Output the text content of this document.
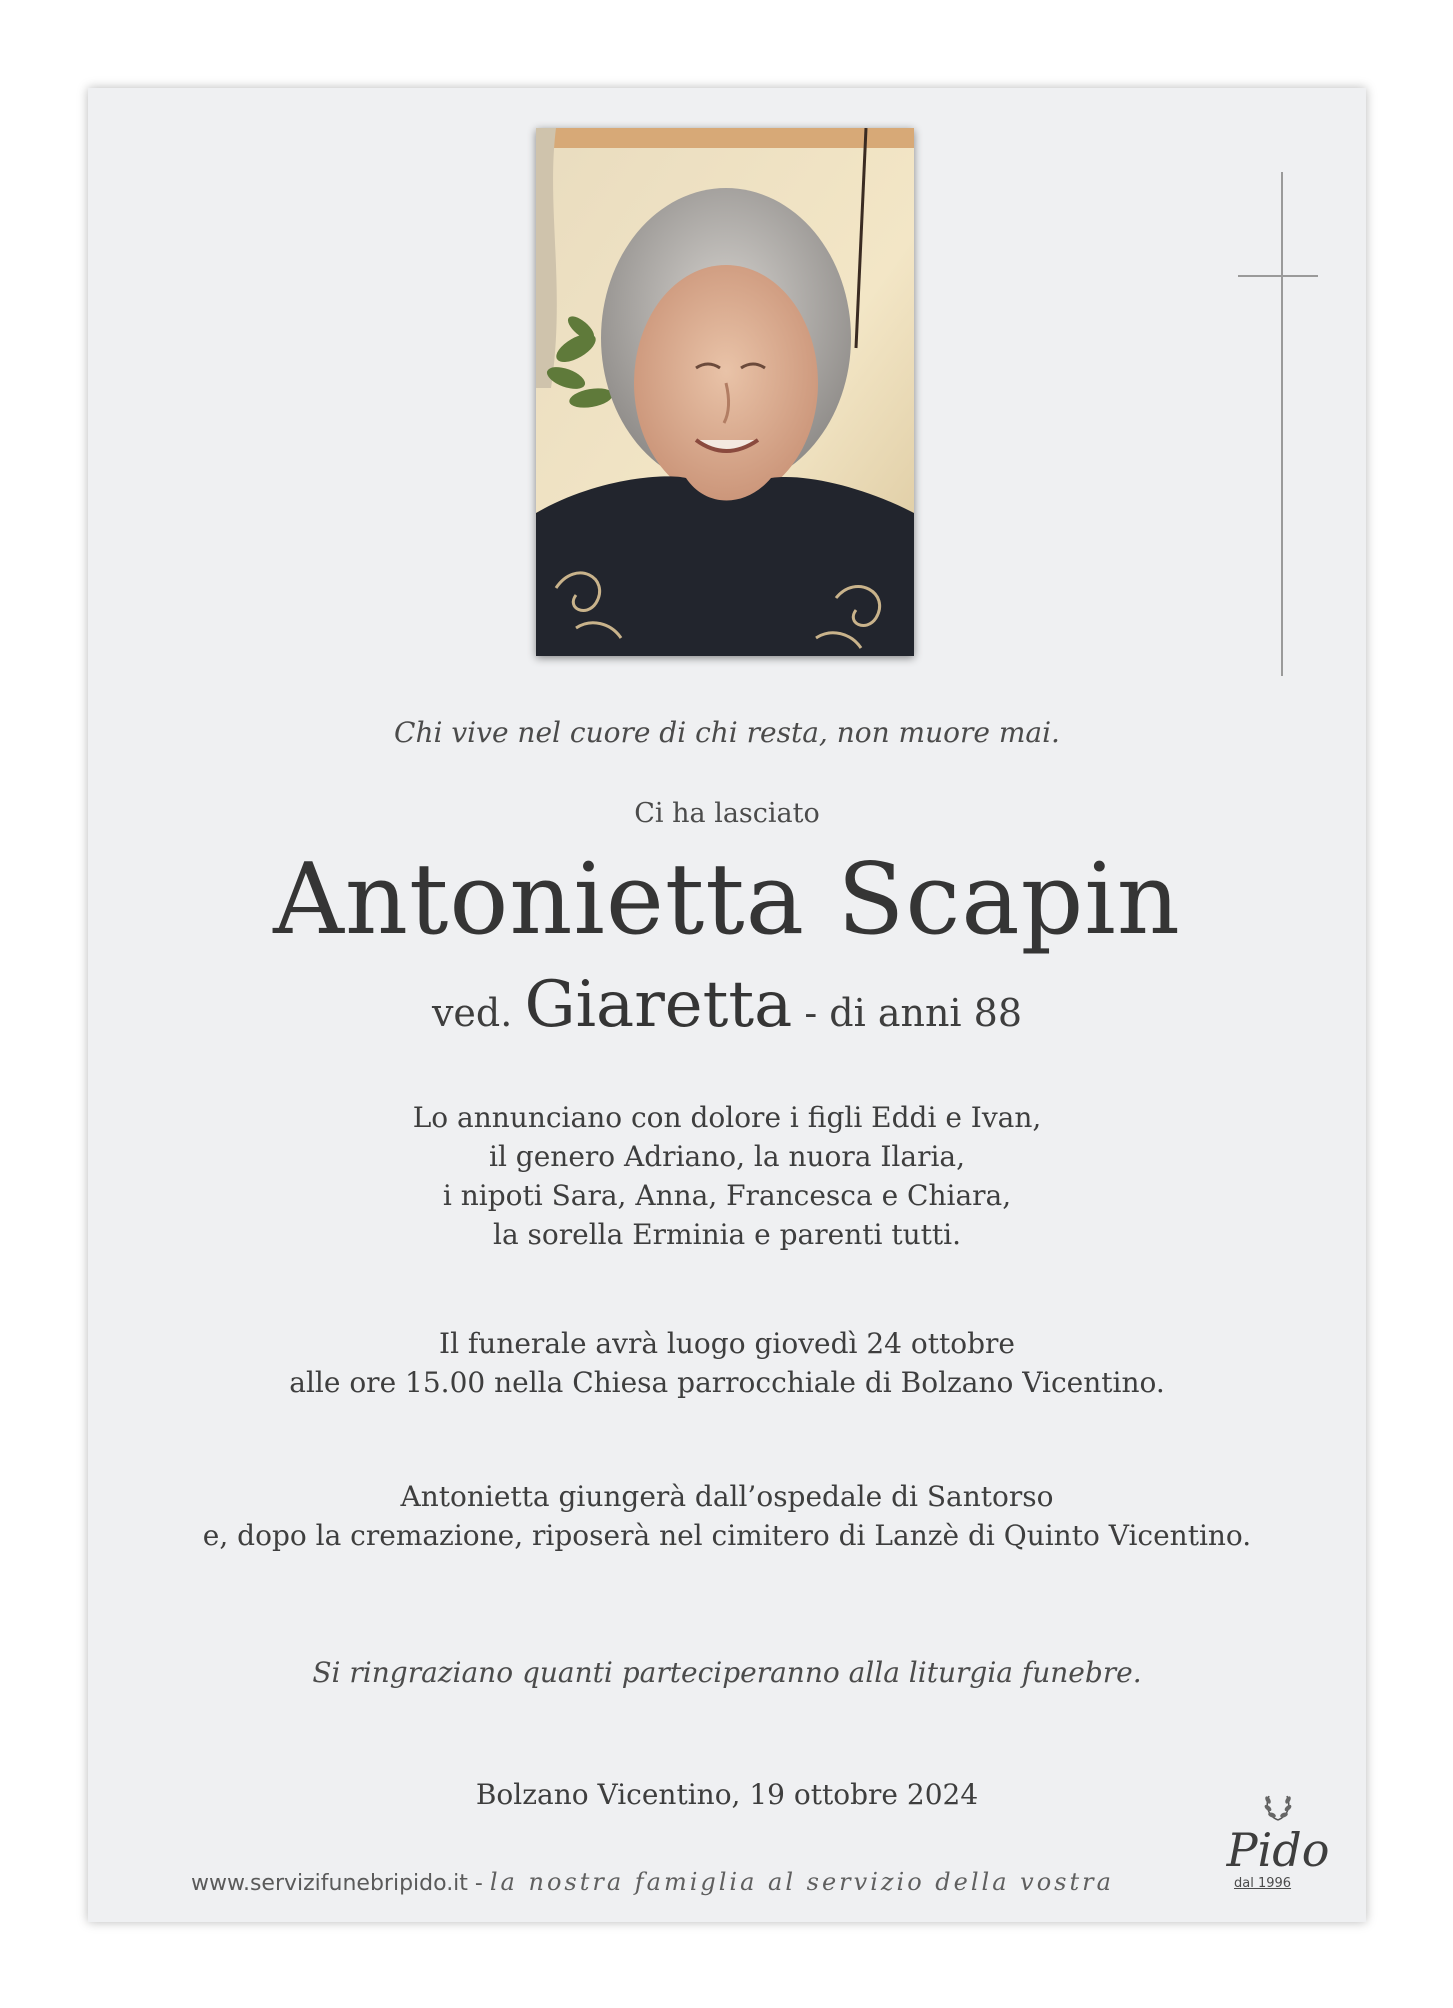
Chi vive nel cuore di chi resta, non muore mai.
Ci ha lasciato
Antonietta Scapin
ved. Giaretta - di anni 88
Lo annunciano con dolore i figli Eddi e Ivan,
il genero Adriano, la nuora Ilaria,
i nipoti Sara, Anna, Francesca e Chiara,
la sorella Erminia e parenti tutti.
Il funerale avrà luogo giovedì 24 ottobre
alle ore 15.00 nella Chiesa parrocchiale di Bolzano Vicentino.
Antonietta giungerà dall’ospedale di Santorso
e, dopo la cremazione, riposerà nel cimitero di Lanzè di Quinto Vicentino.
Si ringraziano quanti parteciperanno alla liturgia funebre.
Bolzano Vicentino, 19 ottobre 2024
www.servizifunebripido.it - la nostra famiglia al servizio della vostra
Pido
dal 1996
